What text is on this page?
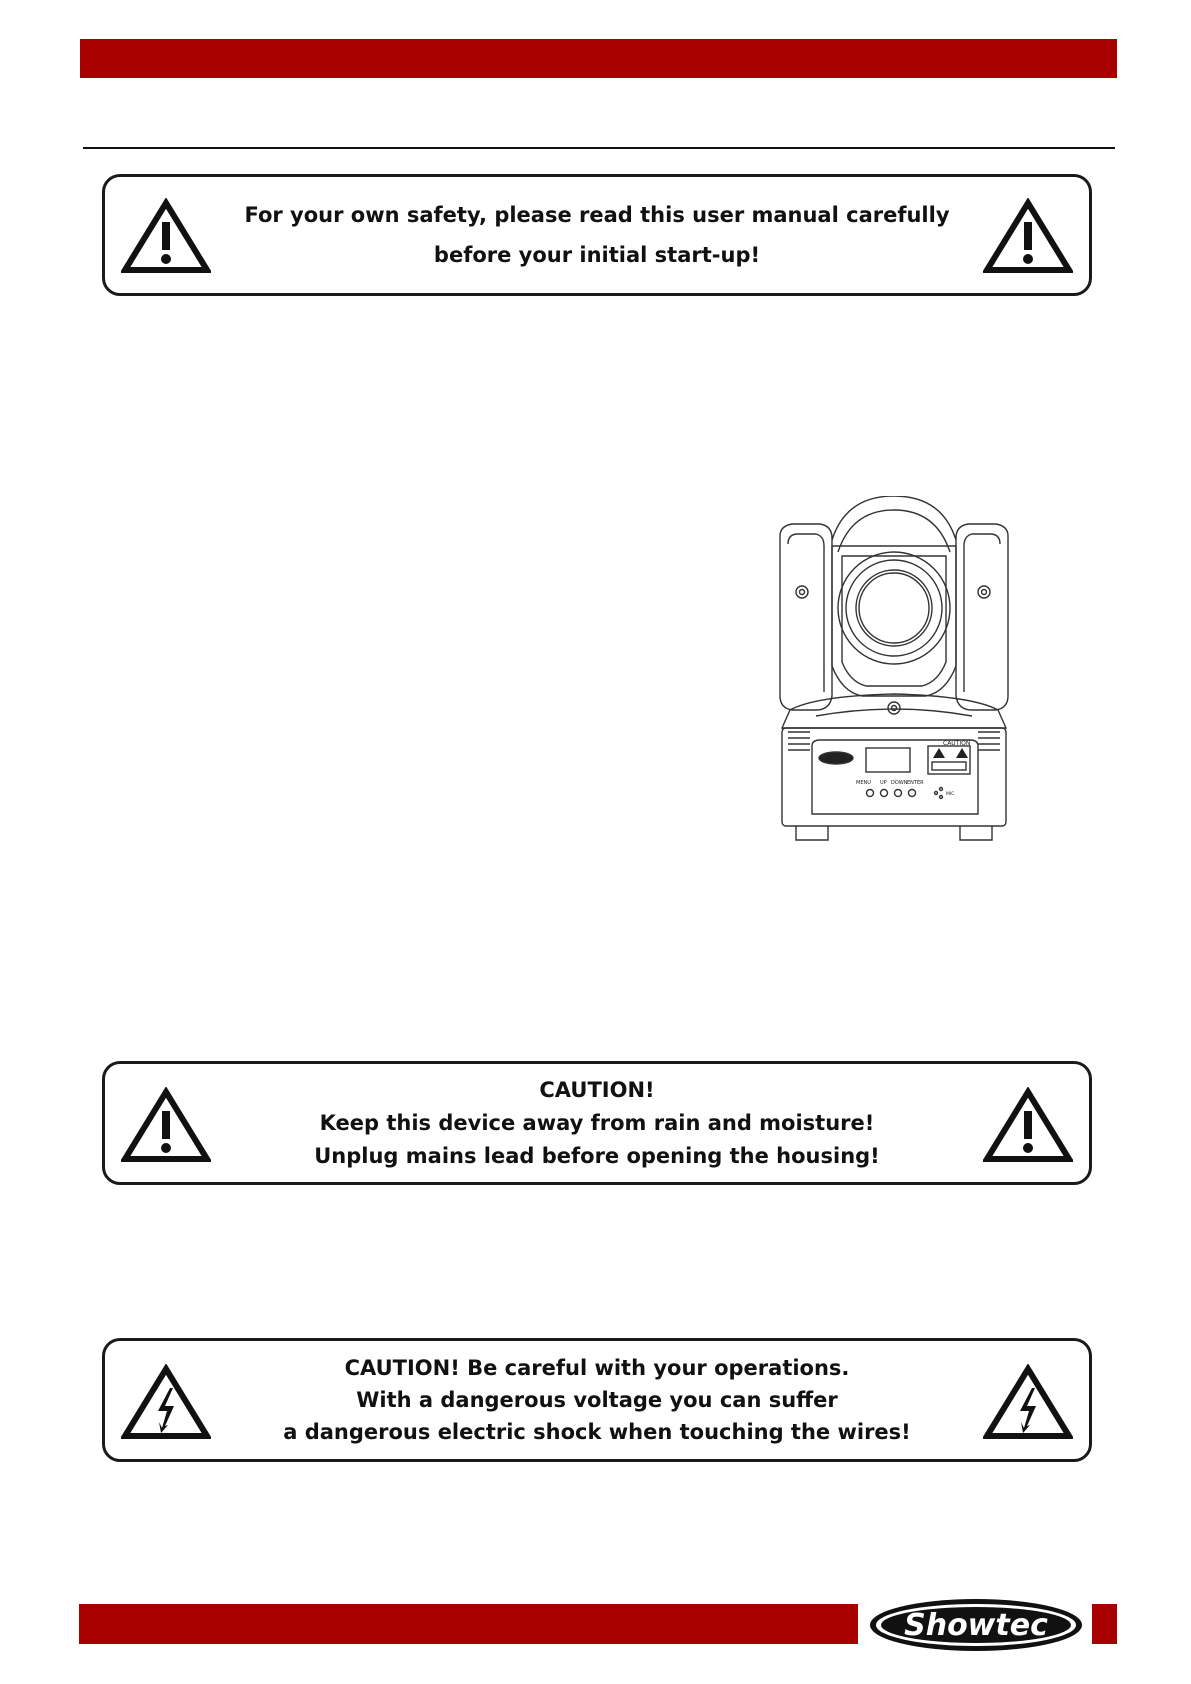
For your own safety, please read this user manual carefully
before your initial start-up!
CAUTION
MENU UP DOWN ENTER
MIC
CAUTION!
Keep this device away from rain and moisture!
Unplug mains lead before opening the housing!
CAUTION! Be careful with your operations.
With a dangerous voltage you can suffer
a dangerous electric shock when touching the wires!
Showtec
